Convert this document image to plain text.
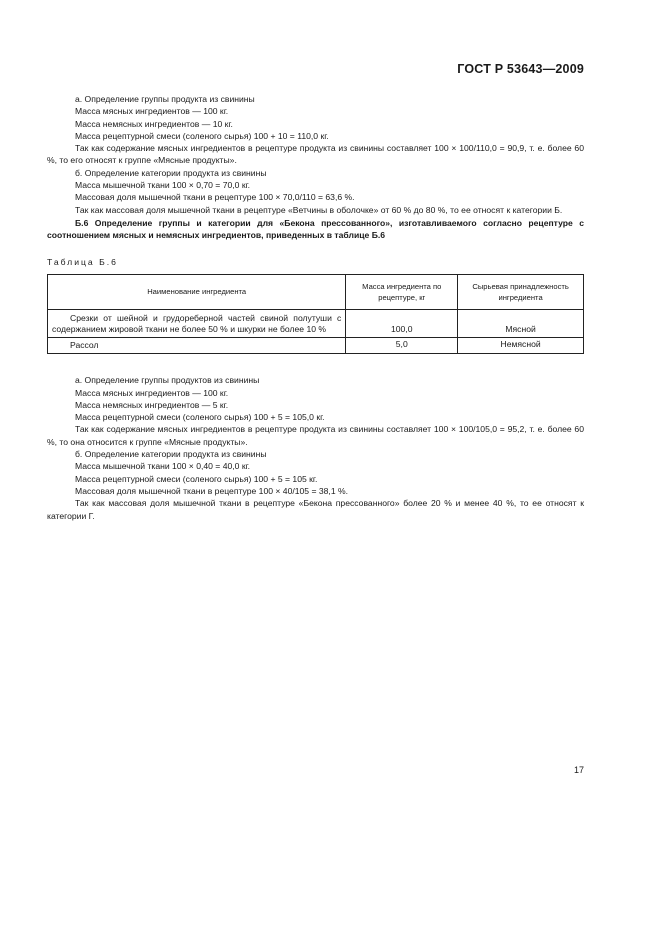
ГОСТ Р 53643—2009

а. Определение группы продукта из свинины

Масса мясных ингредиентов — 100 кг.

Масса немясных ингредиентов — 10 кг.

Масса рецептурной смеси (соленого сырья) 100 + 10 = 110,0 кг.

Так как содержание мясных ингредиентов в рецептуре продукта из свинины составляет 100 × 100/110,0 = 90,9, т. е. более 60 %, то его относят к группе «Мясные продукты».

б. Определение категории продукта из свинины

Масса мышечной ткани 100 × 0,70 = 70,0 кг.

Массовая доля мышечной ткани в рецептуре 100 × 70,0/110 = 63,6 %.

Так как массовая доля мышечной ткани в рецептуре «Ветчины в оболочке» от 60 % до 80 %, то ее относят к категории Б.

Б.6 Определение группы и категории для «Бекона прессованного», изготавливаемого согласно рецептуре с соотношением мясных и немясных ингредиентов, приведенных в таблице Б.6

Таблица Б.6

Наименование ингредиента	Масса ингредиента по рецептуре, кг	Сырьевая принадлежность ингредиента

Срезки от шейной и грудореберной частей свиной полутуши с содержанием жировой ткани не более 50 % и шкурки не более 10 %	100,0	Мясной
Рассол	5,0	Немясной

а. Определение группы продуктов из свинины

Масса мясных ингредиентов — 100 кг.

Масса немясных ингредиентов — 5 кг.

Масса рецептурной смеси (соленого сырья) 100 + 5 = 105,0 кг.

Так как содержание мясных ингредиентов в рецептуре продукта из свинины составляет 100 × 100/105,0 = 95,2, т. е. более 60 %, то она относится к группе «Мясные продукты».

б. Определение категории продукта из свинины

Масса мышечной ткани 100 × 0,40 = 40,0 кг.

Масса рецептурной смеси (соленого сырья) 100 + 5 = 105 кг.

Массовая доля мышечной ткани в рецептуре 100 × 40/105 = 38,1 %.

Так как массовая доля мышечной ткани в рецептуре «Бекона прессованного» более 20 % и менее 40 %, то ее относят к категории Г.

17
